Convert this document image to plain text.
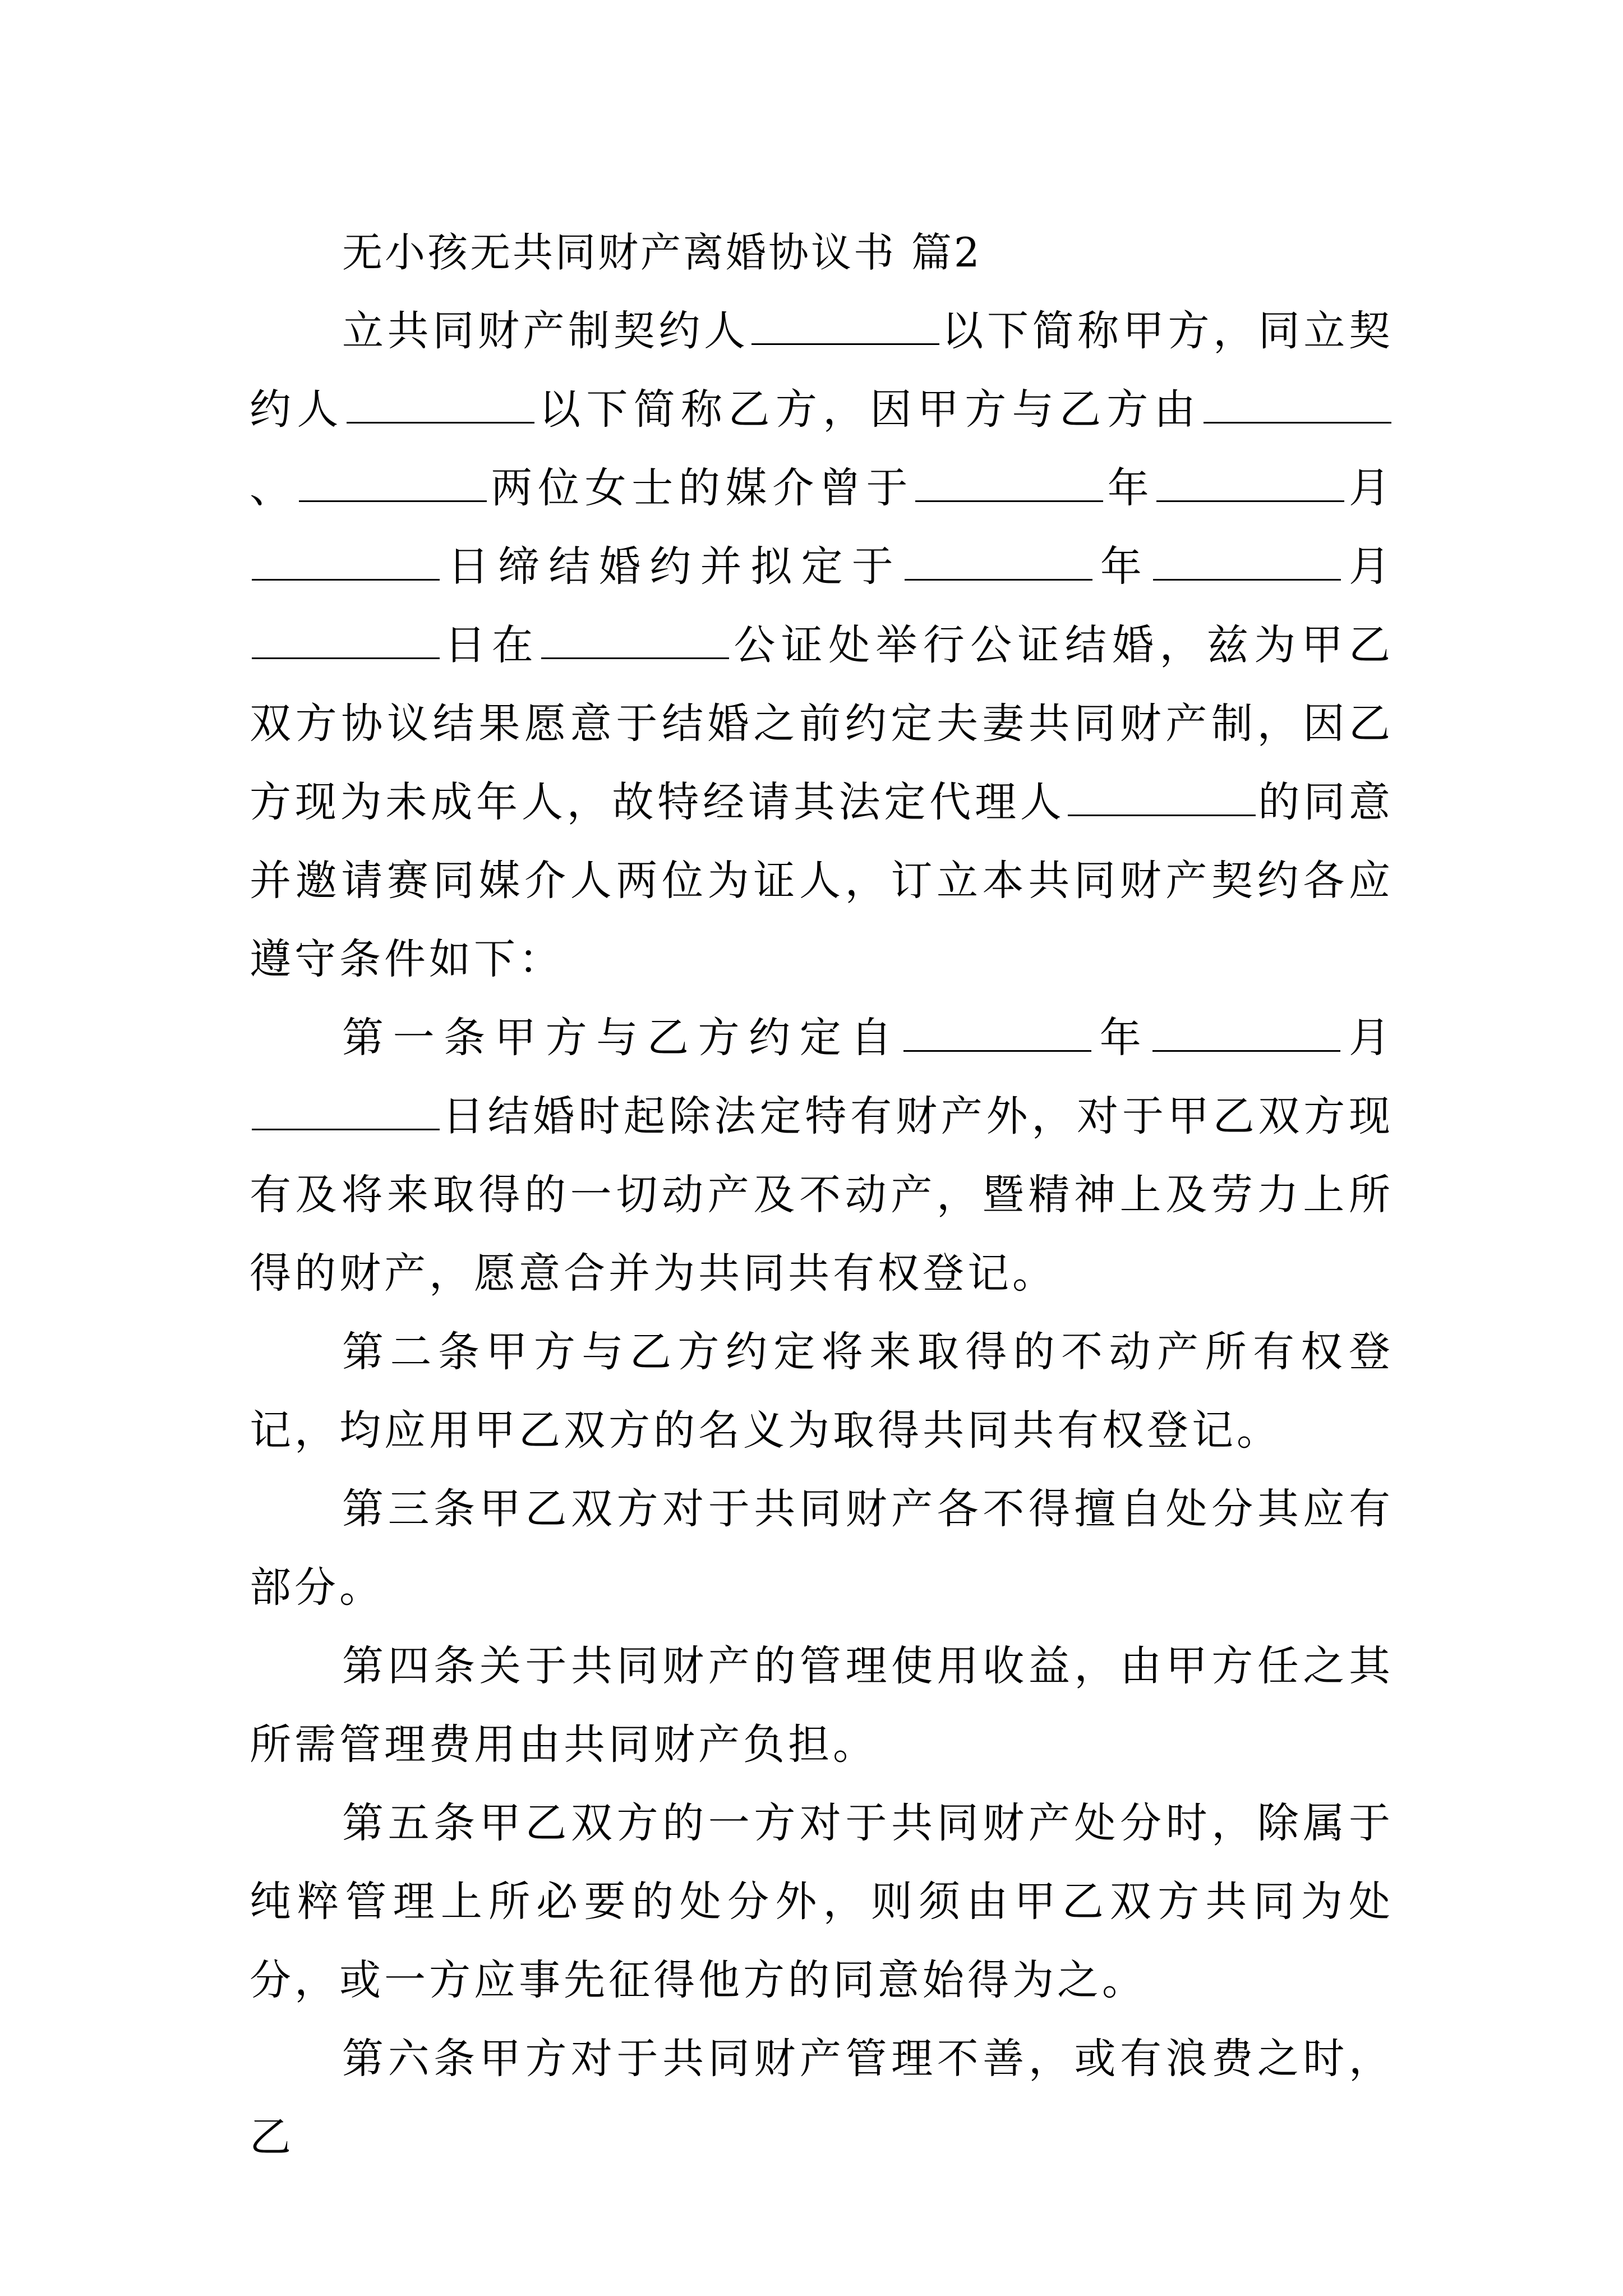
无小孩无共同财产离婚协议书 篇2

立共同财产制契约人	以下简称甲方，同立契约人	以下简称乙方，因甲方与乙方由、	两位女士的媒介曾于	年	月日缔结婚约并拟定于	年	月日在	公证处举行公证结婚，兹为甲乙双方协议结果愿意于结婚之前约定夫妻共同财产制，因乙方现为未成年人，故特经请其法定代理人	的同意并邀请赛同媒介人两位为证人，订立本共同财产契约各应遵守条件如下：

第一条甲方与乙方约定自	年	月日结婚时起除法定特有财产外，对于甲乙双方现有及将来取得的一切动产及不动产，暨精神上及劳力上所得的财产，愿意合并为共同共有权登记。

第二条甲方与乙方约定将来取得的不动产所有权登记，均应用甲乙双方的名义为取得共同共有权登记。

第三条甲乙双方对于共同财产各不得擅自处分其应有部分。

第四条关于共同财产的管理使用收益，由甲方任之其所需管理费用由共同财产负担。

第五条甲乙双方的一方对于共同财产处分时，除属于纯粹管理上所必要的处分外，则须由甲乙双方共同为处分，或一方应事先征得他方的同意始得为之。

第六条甲方对于共同财产管理不善，或有浪费之时，乙
